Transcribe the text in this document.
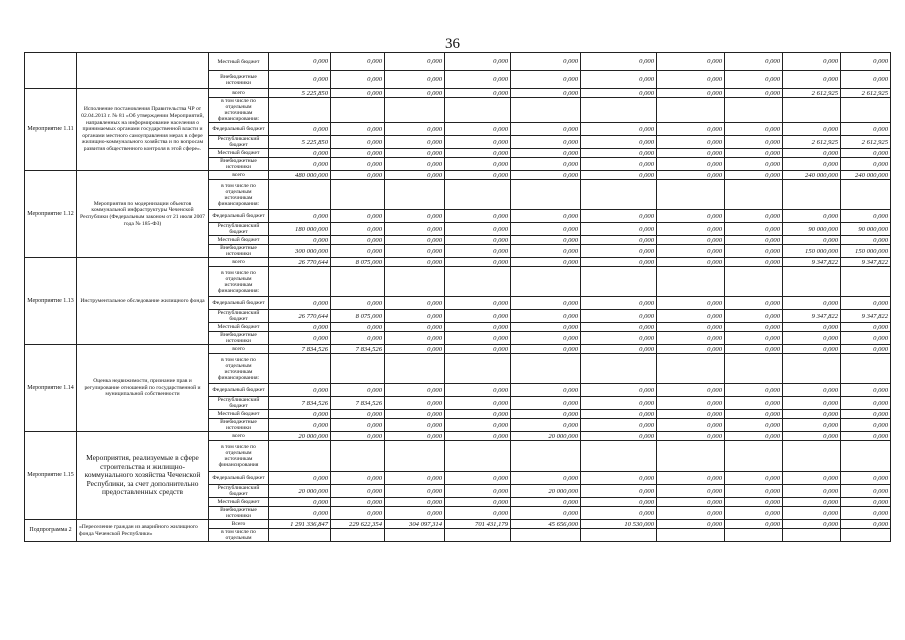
36
		Местный бюджет	0,000	0,000	0,000	0,000	0,000	0,000	0,000	0,000	0,000	0,000
		Внебюджетные источники	0,000	0,000	0,000	0,000	0,000	0,000	0,000	0,000	0,000	0,000
Мероприятие 1.11	Исполнение постановления Правительства ЧР от 02.04.2013 г. № 81 «Об утверждении Мероприятий, направленных на информирование населения о принимаемых органами государственной власти и органами местного самоуправления мерах в сфере жилищно-коммунального хозяйства и по вопросам развития общественного контроля в этой сфере».	всего	5 225,850	0,000	0,000	0,000	0,000	0,000	0,000	0,000	2 612,925	2 612,925
		в том числе по отдельным источникам финансирования:										
		Федеральный бюджет	0,000	0,000	0,000	0,000	0,000	0,000	0,000	0,000	0,000	0,000
		Республиканский бюджет	5 225,850	0,000	0,000	0,000	0,000	0,000	0,000	0,000	2 612,925	2 612,925
		Местный бюджет	0,000	0,000	0,000	0,000	0,000	0,000	0,000	0,000	0,000	0,000
		Внебюджетные источники	0,000	0,000	0,000	0,000	0,000	0,000	0,000	0,000	0,000	0,000
Мероприятие 1.12	Мероприятия по модернизации объектов коммунальной инфраструктуры Чеченской Республики (Федеральным законом от 21 июля 2007 года № 185-ФЗ)	всего	480 000,000	0,000	0,000	0,000	0,000	0,000	0,000	0,000	240 000,000	240 000,000
		в том числе по отдельным источникам финансирования:										
		Федеральный бюджет	0,000	0,000	0,000	0,000	0,000	0,000	0,000	0,000	0,000	0,000
		Республиканский бюджет	180 000,000	0,000	0,000	0,000	0,000	0,000	0,000	0,000	90 000,000	90 000,000
		Местный бюджет	0,000	0,000	0,000	0,000	0,000	0,000	0,000	0,000	0,000	0,000
		Внебюджетные источники	300 000,000	0,000	0,000	0,000	0,000	0,000	0,000	0,000	150 000,000	150 000,000
Мероприятие 1.13	Инструментальное обследование жилищного фонда	всего	26 770,644	8 075,000	0,000	0,000	0,000	0,000	0,000	0,000	9 347,822	9 347,822
		в том числе по отдельным источникам финансирования:										
		Федеральный бюджет	0,000	0,000	0,000	0,000	0,000	0,000	0,000	0,000	0,000	0,000
		Республиканский бюджет	26 770,644	8 075,000	0,000	0,000	0,000	0,000	0,000	0,000	9 347,822	9 347,822
		Местный бюджет	0,000	0,000	0,000	0,000	0,000	0,000	0,000	0,000	0,000	0,000
		Внебюджетные источники	0,000	0,000	0,000	0,000	0,000	0,000	0,000	0,000	0,000	0,000
Мероприятие 1.14	Оценка недвижимости, признание прав и регулирование отношений по государственной и муниципальной собственности	всего	7 834,526	7 834,526	0,000	0,000	0,000	0,000	0,000	0,000	0,000	0,000
		в том числе по отдельным источникам финансирования:										
		Федеральный бюджет	0,000	0,000	0,000	0,000	0,000	0,000	0,000	0,000	0,000	0,000
		Республиканский бюджет	7 834,526	7 834,526	0,000	0,000	0,000	0,000	0,000	0,000	0,000	0,000
		Местный бюджет	0,000	0,000	0,000	0,000	0,000	0,000	0,000	0,000	0,000	0,000
		Внебюджетные источники	0,000	0,000	0,000	0,000	0,000	0,000	0,000	0,000	0,000	0,000
Мероприятие 1.15	Мероприятия, реализуемые в сфере строительства и жилищно-коммунального хозяйства Чеченской Республики, за счет дополнительно предоставленных средств	всего	20 000,000	0,000	0,000	0,000	20 000,000	0,000	0,000	0,000	0,000	0,000
		в том числе по отдельным источникам финансирования										
		Федеральный бюджет	0,000	0,000	0,000	0,000	0,000	0,000	0,000	0,000	0,000	0,000
		Республиканский бюджет	20 000,000	0,000	0,000	0,000	20 000,000	0,000	0,000	0,000	0,000	0,000
		Местный бюджет	0,000	0,000	0,000	0,000	0,000	0,000	0,000	0,000	0,000	0,000
		Внебюджетные источники	0,000	0,000	0,000	0,000	0,000	0,000	0,000	0,000	0,000	0,000
Подпрограмма 2	«Переселение граждан из аварийного жилищного фонда Чеченской Республики»	Всего	1 291 336,847	229 622,354	304 097,314	701 431,179	45 656,000	10 530,000	0,000	0,000	0,000	0,000
		в том числе по отдельным										
